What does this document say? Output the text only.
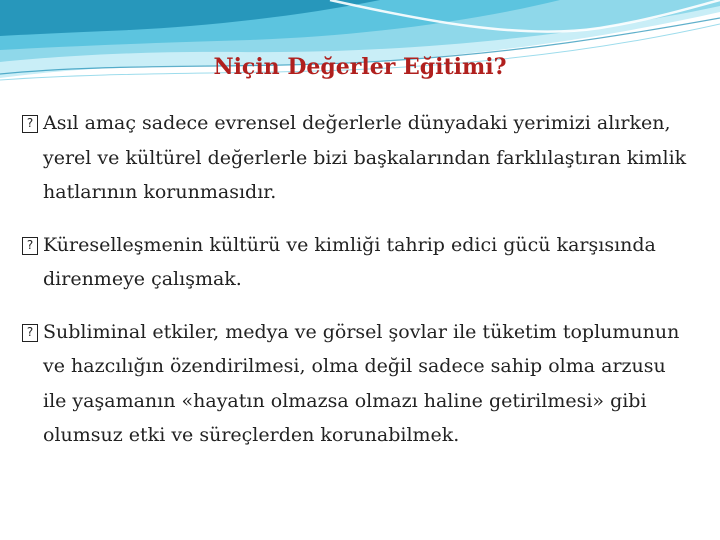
Niçin Değerler Eğitimi?

? Asıl amaç sadece evrensel değerlerle dünyadaki yerimizi alırken, yerel ve kültürel değerlerle bizi başkalarından farklılaştıran kimlik hatlarının korunmasıdır.

? Küreselleşmenin kültürü ve kimliği tahrip edici gücü karşısında direnmeye çalışmak.

? Subliminal etkiler, medya ve görsel şovlar ile tüketim toplumunun ve hazcılığın özendirilmesi, olma değil sadece sahip olma arzusu ile yaşamanın «hayatın olmazsa olmazı haline getirilmesi» gibi olumsuz etki ve süreçlerden korunabilmek.
